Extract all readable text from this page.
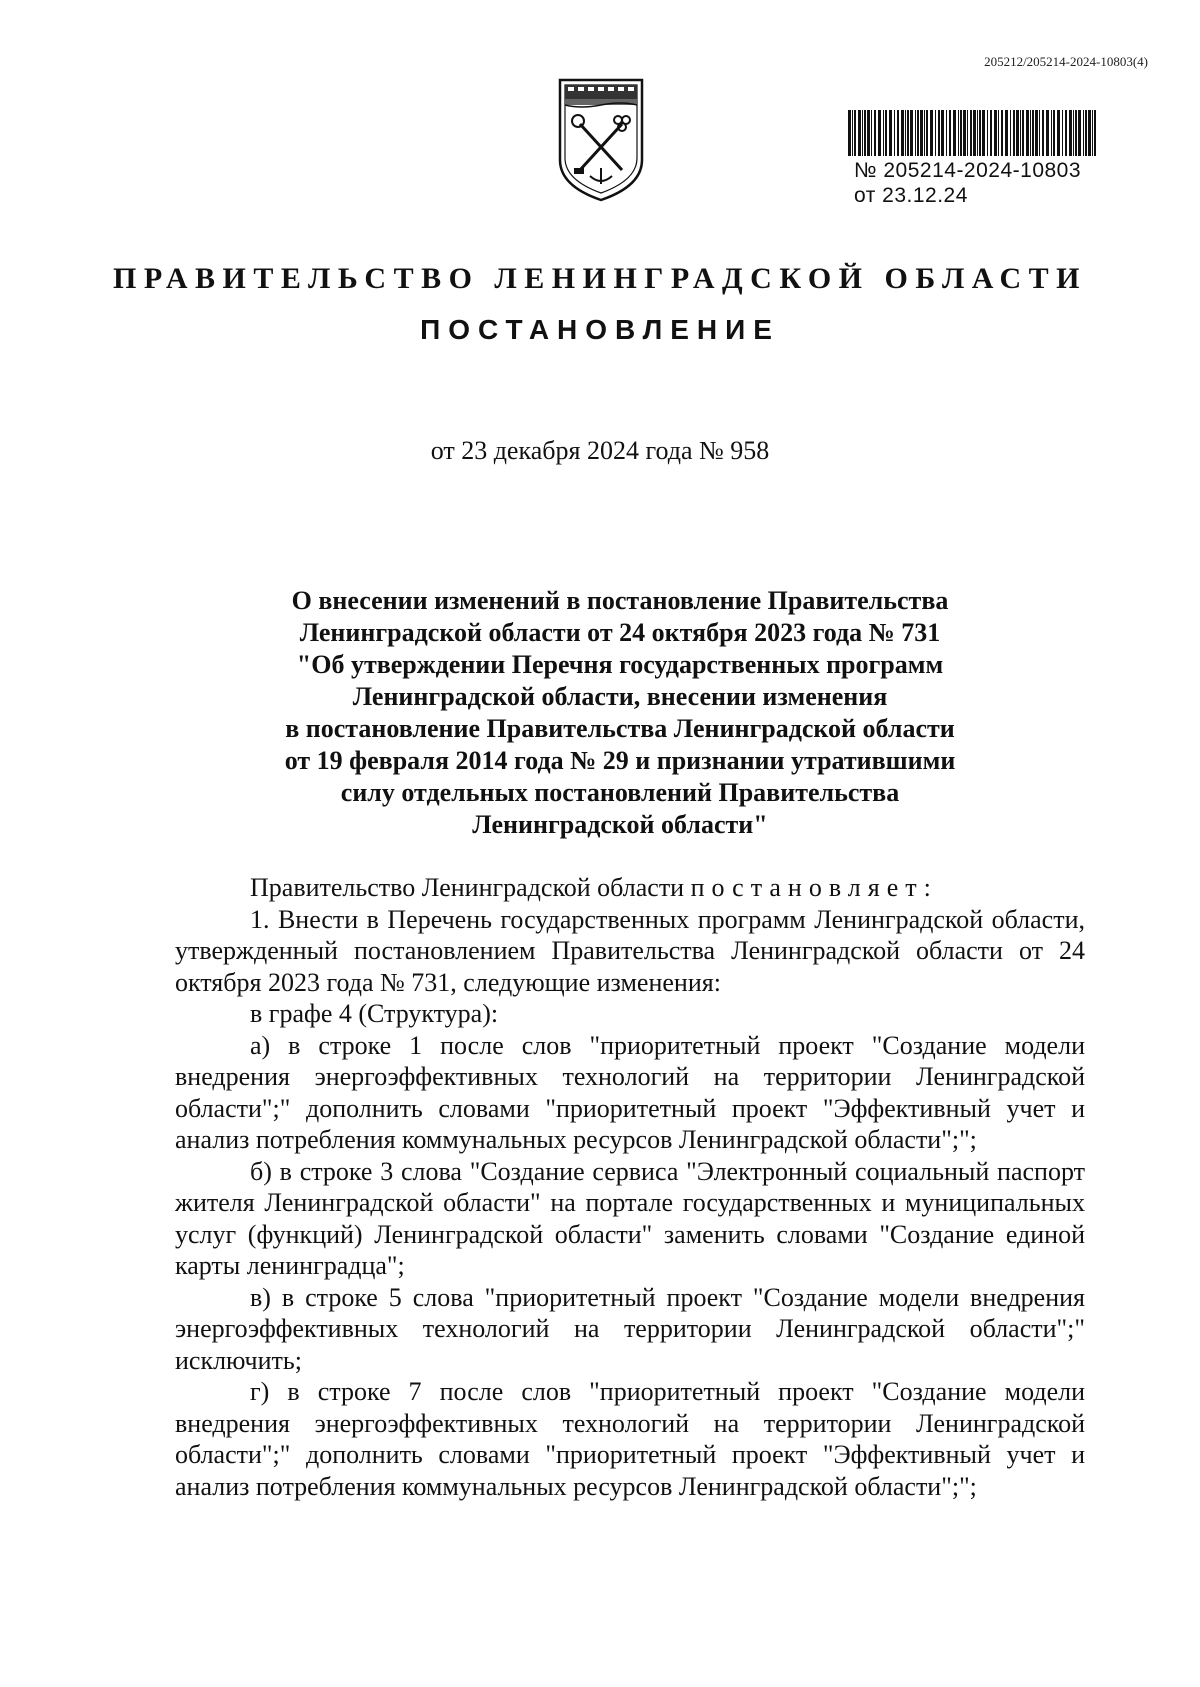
205212/205214-2024-10803(4)
№ 205214-2024-10803
от 23.12.24
ПРАВИТЕЛЬСТВО ЛЕНИНГРАДСКОЙ ОБЛАСТИ
ПОСТАНОВЛЕНИЕ
от 23 декабря 2024 года № 958
О внесении изменений в постановление Правительства
Ленинградской области от 24 октября 2023 года № 731
"Об утверждении Перечня государственных программ
Ленинградской области, внесении изменения
в постановление Правительства Ленинградской области
от 19 февраля 2014 года № 29 и признании утратившими
силу отдельных постановлений Правительства
Ленинградской области"

Правительство Ленинградской области постановляет:

1. Внести в Перечень государственных программ Ленинградской области, утвержденный постановлением Правительства Ленинградской области от 24 октября 2023 года № 731, следующие изменения:

в графе 4 (Структура):

а) в строке 1 после слов "приоритетный проект "Создание модели внедрения энергоэффективных технологий на территории Ленинградской области";" дополнить словами "приоритетный проект "Эффективный учет и анализ потребления коммунальных ресурсов Ленинградской области";";

б) в строке 3 слова "Создание сервиса "Электронный социальный паспорт жителя Ленинградской области" на портале государственных и муниципальных услуг (функций) Ленинградской области" заменить словами "Создание единой карты ленинградца";

в) в строке 5 слова "приоритетный проект "Создание модели внедрения энергоэффективных технологий на территории Ленинградской области";" исключить;

г) в строке 7 после слов "приоритетный проект "Создание модели внедрения энергоэффективных технологий на территории Ленинградской области";" дополнить словами "приоритетный проект "Эффективный учет и анализ потребления коммунальных ресурсов Ленинградской области";";
